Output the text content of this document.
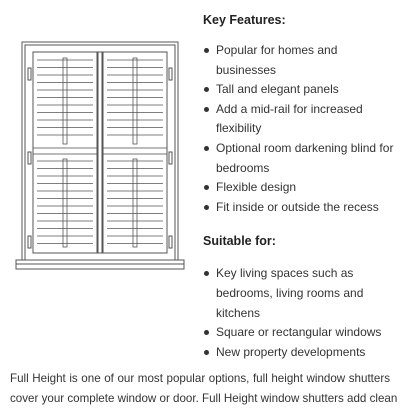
Key Features:
Popular for homes and businesses
Tall and elegant panels
Add a mid-rail for increased flexibility
Optional room darkening blind for bedrooms
Flexible design
Fit inside or outside the recess
Suitable for:
Key living spaces such as bedrooms, living rooms and kitchens
Square or rectangular windows
New property developments
Full Height is one of our most popular options, full height window shutters
cover your complete window or door. Full Height window shutters add clean
